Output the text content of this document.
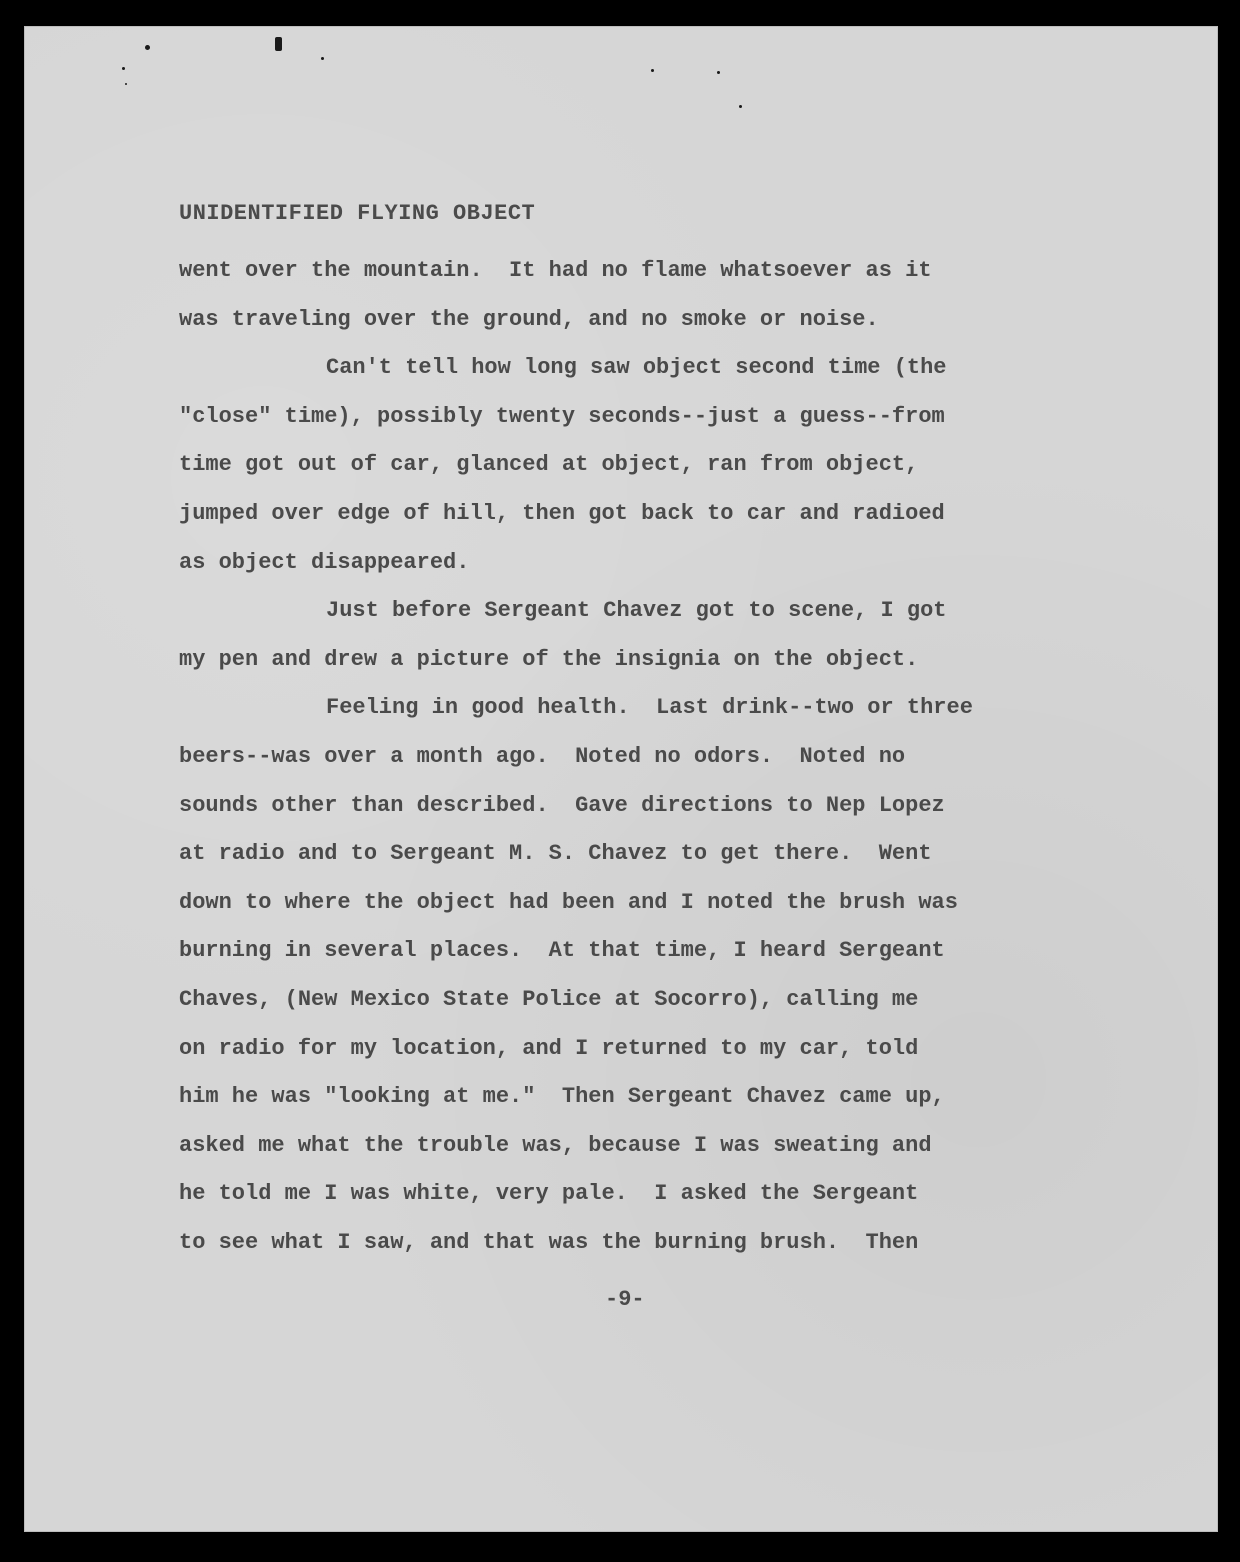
UNIDENTIFIED FLYING OBJECT
went over the mountain.  It had no flame whatsoever as it
was traveling over the ground, and no smoke or noise.
Can't tell how long saw object second time (the
"close" time), possibly twenty seconds--just a guess--from
time got out of car, glanced at object, ran from object,
jumped over edge of hill, then got back to car and radioed
as object disappeared.
Just before Sergeant Chavez got to scene, I got
my pen and drew a picture of the insignia on the object.
Feeling in good health.  Last drink--two or three
beers--was over a month ago.  Noted no odors.  Noted no
sounds other than described.  Gave directions to Nep Lopez
at radio and to Sergeant M. S. Chavez to get there.  Went
down to where the object had been and I noted the brush was
burning in several places.  At that time, I heard Sergeant
Chaves, (New Mexico State Police at Socorro), calling me
on radio for my location, and I returned to my car, told
him he was "looking at me."  Then Sergeant Chavez came up,
asked me what the trouble was, because I was sweating and
he told me I was white, very pale.  I asked the Sergeant
to see what I saw, and that was the burning brush.  Then
-9-
